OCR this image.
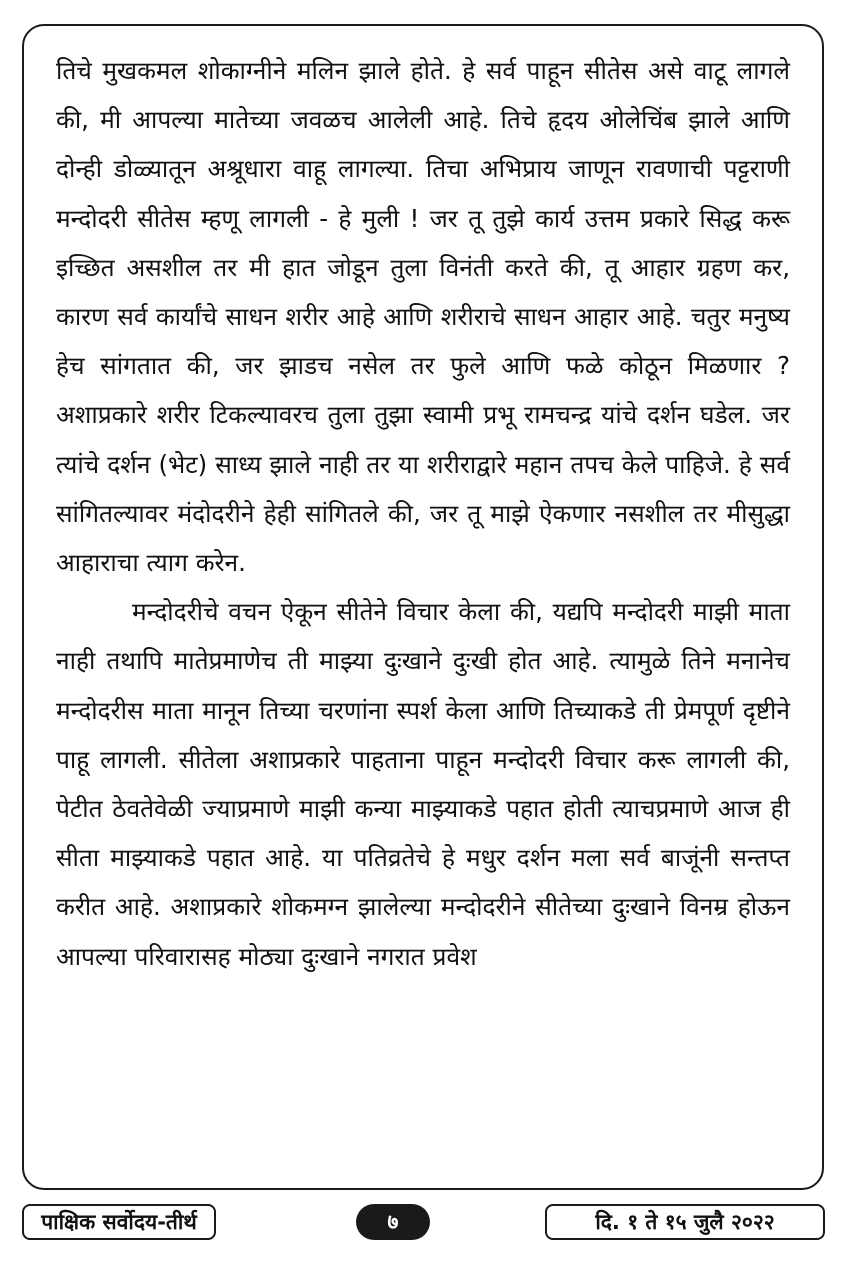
तिचे मुखकमल शोकाग्नीने मलिन झाले होते. हे सर्व पाहून सीतेस असे वाटू लागले की, मी आपल्या मातेच्या जवळच आलेली आहे. तिचे हृदय ओलेचिंब झाले आणि दोन्ही डोळ्यातून अश्रूधारा वाहू लागल्या. तिचा अभिप्राय जाणून रावणाची पट्टराणी मन्दोदरी सीतेस म्हणू लागली - हे मुली ! जर तू तुझे कार्य उत्तम प्रकारे सिद्ध करू इच्छित असशील तर मी हात जोडून तुला विनंती करते की, तू आहार ग्रहण कर, कारण सर्व कार्यांचे साधन शरीर आहे आणि शरीराचे साधन आहार आहे. चतुर मनुष्य हेच सांगतात की, जर झाडच नसेल तर फुले आणि फळे कोठून मिळणार ? अशाप्रकारे शरीर टिकल्यावरच तुला तुझा स्वामी प्रभू रामचन्द्र यांचे दर्शन घडेल. जर त्यांचे दर्शन (भेट) साध्य झाले नाही तर या शरीराद्वारे महान तपच केले पाहिजे. हे सर्व सांगितल्यावर मंदोदरीने हेही सांगितले की, जर तू माझे ऐकणार नसशील तर मीसुद्धा आहाराचा त्याग करेन.

मन्दोदरीचे वचन ऐकून सीतेने विचार केला की, यद्यपि मन्दोदरी माझी माता नाही तथापि मातेप्रमाणेच ती माझ्या दुःखाने दुःखी होत आहे. त्यामुळे तिने मनानेच मन्दोदरीस माता मानून तिच्या चरणांना स्पर्श केला आणि तिच्याकडे ती प्रेमपूर्ण दृष्टीने पाहू लागली. सीतेला अशाप्रकारे पाहताना पाहून मन्दोदरी विचार करू लागली की, पेटीत ठेवतेवेळी ज्याप्रमाणे माझी कन्या माझ्याकडे पहात होती त्याचप्रमाणे आज ही सीता माझ्याकडे पहात आहे. या पतिव्रतेचे हे मधुर दर्शन मला सर्व बाजूंनी सन्तप्त करीत आहे. अशाप्रकारे शोकमग्न झालेल्या मन्दोदरीने सीतेच्या दुःखाने विनम्र होऊन आपल्या परिवारासह मोठ्या दुःखाने नगरात प्रवेश

पाक्षिक सर्वोदय-तीर्थ	७	दि. १ ते १५ जुलै २०२२
